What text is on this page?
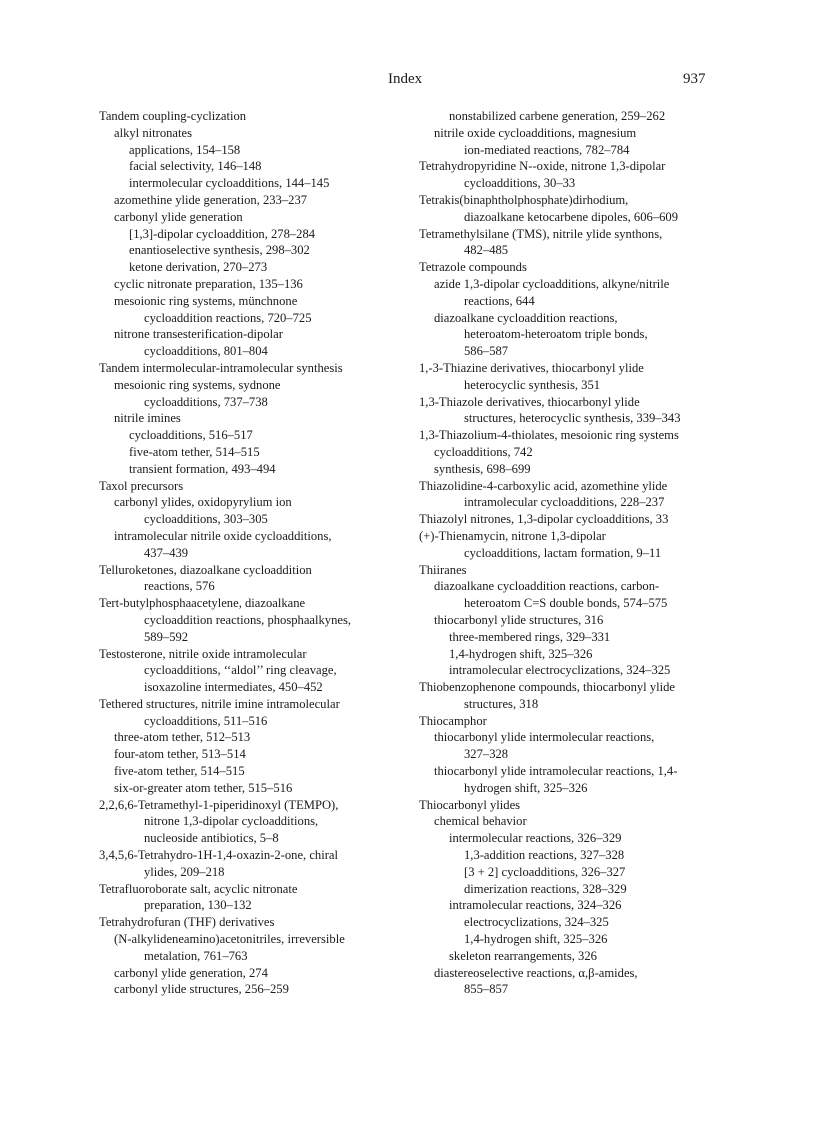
Index	937
Tandem coupling-cyclization
alkyl nitronates
applications, 154–158
facial selectivity, 146–148
intermolecular cycloadditions, 144–145
azomethine ylide generation, 233–237
carbonyl ylide generation
[1,3]-dipolar cycloaddition, 278–284
enantioselective synthesis, 298–302
ketone derivation, 270–273
cyclic nitronate preparation, 135–136
mesoionic ring systems, münchnone
cycloaddition reactions, 720–725
nitrone transesterification-dipolar
cycloadditions, 801–804
Tandem intermolecular-intramolecular synthesis
mesoionic ring systems, sydnone
cycloadditions, 737–738
nitrile imines
cycloadditions, 516–517
five-atom tether, 514–515
transient formation, 493–494
Taxol precursors
carbonyl ylides, oxidopyrylium ion
cycloadditions, 303–305
intramolecular nitrile oxide cycloadditions,
437–439
Telluroketones, diazoalkane cycloaddition
reactions, 576
Tert-butylphosphaacetylene, diazoalkane
cycloaddition reactions, phosphaalkynes,
589–592
Testosterone, nitrile oxide intramolecular
cycloadditions, ‘‘aldol’’ ring cleavage,
isoxazoline intermediates, 450–452
Tethered structures, nitrile imine intramolecular
cycloadditions, 511–516
three-atom tether, 512–513
four-atom tether, 513–514
five-atom tether, 514–515
six-or-greater atom tether, 515–516
2,2,6,6-Tetramethyl-1-piperidinoxyl (TEMPO),
nitrone 1,3-dipolar cycloadditions,
nucleoside antibiotics, 5–8
3,4,5,6-Tetrahydro-1H-1,4-oxazin-2-one, chiral
ylides, 209–218
Tetrafluoroborate salt, acyclic nitronate
preparation, 130–132
Tetrahydrofuran (THF) derivatives
(N-alkylideneamino)acetonitriles, irreversible
metalation, 761–763
carbonyl ylide generation, 274
carbonyl ylide structures, 256–259
nonstabilized carbene generation, 259–262
nitrile oxide cycloadditions, magnesium
ion-mediated reactions, 782–784
Tetrahydropyridine N--oxide, nitrone 1,3-dipolar
cycloadditions, 30–33
Tetrakis(binaphtholphosphate)dirhodium,
diazoalkane ketocarbene dipoles, 606–609
Tetramethylsilane (TMS), nitrile ylide synthons,
482–485
Tetrazole compounds
azide 1,3-dipolar cycloadditions, alkyne/nitrile
reactions, 644
diazoalkane cycloaddition reactions,
heteroatom-heteroatom triple bonds,
586–587
1,-3-Thiazine derivatives, thiocarbonyl ylide
heterocyclic synthesis, 351
1,3-Thiazole derivatives, thiocarbonyl ylide
structures, heterocyclic synthesis, 339–343
1,3-Thiazolium-4-thiolates, mesoionic ring systems
cycloadditions, 742
synthesis, 698–699
Thiazolidine-4-carboxylic acid, azomethine ylide
intramolecular cycloadditions, 228–237
Thiazolyl nitrones, 1,3-dipolar cycloadditions, 33
(+)-Thienamycin, nitrone 1,3-dipolar
cycloadditions, lactam formation, 9–11
Thiiranes
diazoalkane cycloaddition reactions, carbon-
heteroatom C=S double bonds, 574–575
thiocarbonyl ylide structures, 316
three-membered rings, 329–331
1,4-hydrogen shift, 325–326
intramolecular electrocyclizations, 324–325
Thiobenzophenone compounds, thiocarbonyl ylide
structures, 318
Thiocamphor
thiocarbonyl ylide intermolecular reactions,
327–328
thiocarbonyl ylide intramolecular reactions, 1,4-
hydrogen shift, 325–326
Thiocarbonyl ylides
chemical behavior
intermolecular reactions, 326–329
1,3-addition reactions, 327–328
[3 + 2] cycloadditions, 326–327
dimerization reactions, 328–329
intramolecular reactions, 324–326
electrocyclizations, 324–325
1,4-hydrogen shift, 325–326
skeleton rearrangements, 326
diastereoselective reactions, α,β-amides,
855–857
